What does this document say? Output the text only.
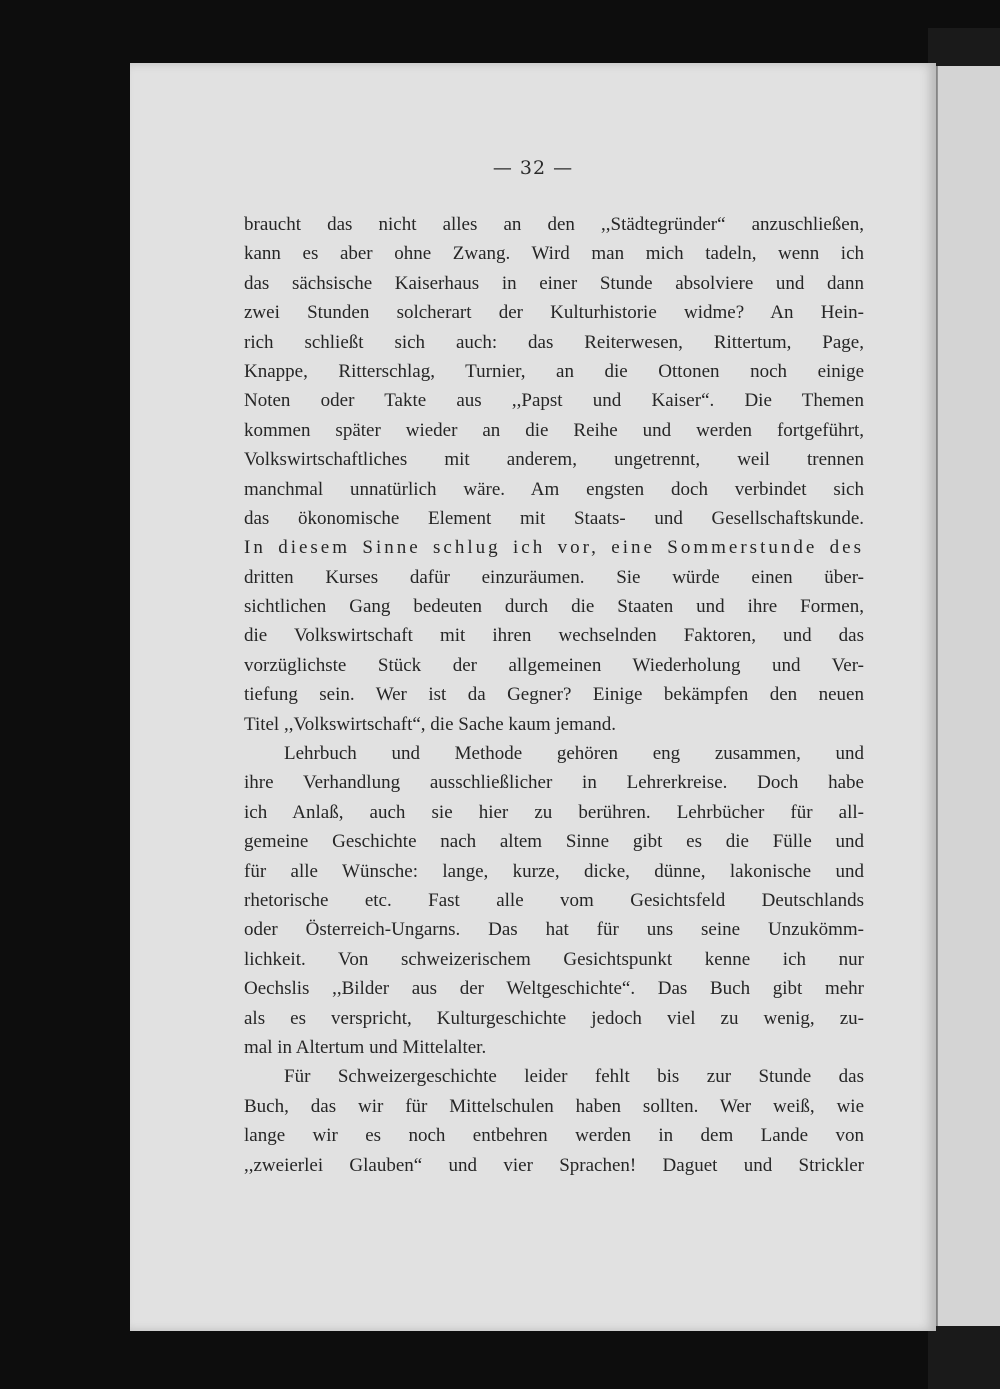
— 32 —
braucht das nicht alles an den ,,Städtegründer“ anzuschließen,
kann es aber ohne Zwang. Wird man mich tadeln, wenn ich
das sächsische Kaiserhaus in einer Stunde absolviere und dann
zwei Stunden solcherart der Kulturhistorie widme? An Hein-
rich schließt sich auch: das Reiterwesen, Rittertum, Page,
Knappe, Ritterschlag, Turnier, an die Ottonen noch einige
Noten oder Takte aus ,,Papst und Kaiser“. Die Themen
kommen später wieder an die Reihe und werden fortgeführt,
Volkswirtschaftliches mit anderem, ungetrennt, weil trennen
manchmal unnatürlich wäre. Am engsten doch verbindet sich
das ökonomische Element mit Staats- und Gesellschaftskunde.
In diesem Sinne schlug ich vor, eine Sommerstunde des
dritten Kurses dafür einzuräumen. Sie würde einen über-
sichtlichen Gang bedeuten durch die Staaten und ihre Formen,
die Volkswirtschaft mit ihren wechselnden Faktoren, und das
vorzüglichste Stück der allgemeinen Wiederholung und Ver-
tiefung sein. Wer ist da Gegner? Einige bekämpfen den neuen
Titel ,,Volkswirtschaft“, die Sache kaum jemand.
Lehrbuch und Methode gehören eng zusammen, und
ihre Verhandlung ausschließlicher in Lehrerkreise. Doch habe
ich Anlaß, auch sie hier zu berühren. Lehrbücher für all-
gemeine Geschichte nach altem Sinne gibt es die Fülle und
für alle Wünsche: lange, kurze, dicke, dünne, lakonische und
rhetorische etc. Fast alle vom Gesichtsfeld Deutschlands
oder Österreich-Ungarns. Das hat für uns seine Unzukömm-
lichkeit. Von schweizerischem Gesichtspunkt kenne ich nur
Oechslis ,,Bilder aus der Weltgeschichte“. Das Buch gibt mehr
als es verspricht, Kulturgeschichte jedoch viel zu wenig, zu-
mal in Altertum und Mittelalter.
Für Schweizergeschichte leider fehlt bis zur Stunde das
Buch, das wir für Mittelschulen haben sollten. Wer weiß, wie
lange wir es noch entbehren werden in dem Lande von
,,zweierlei Glauben“ und vier Sprachen! Daguet und Strickler
